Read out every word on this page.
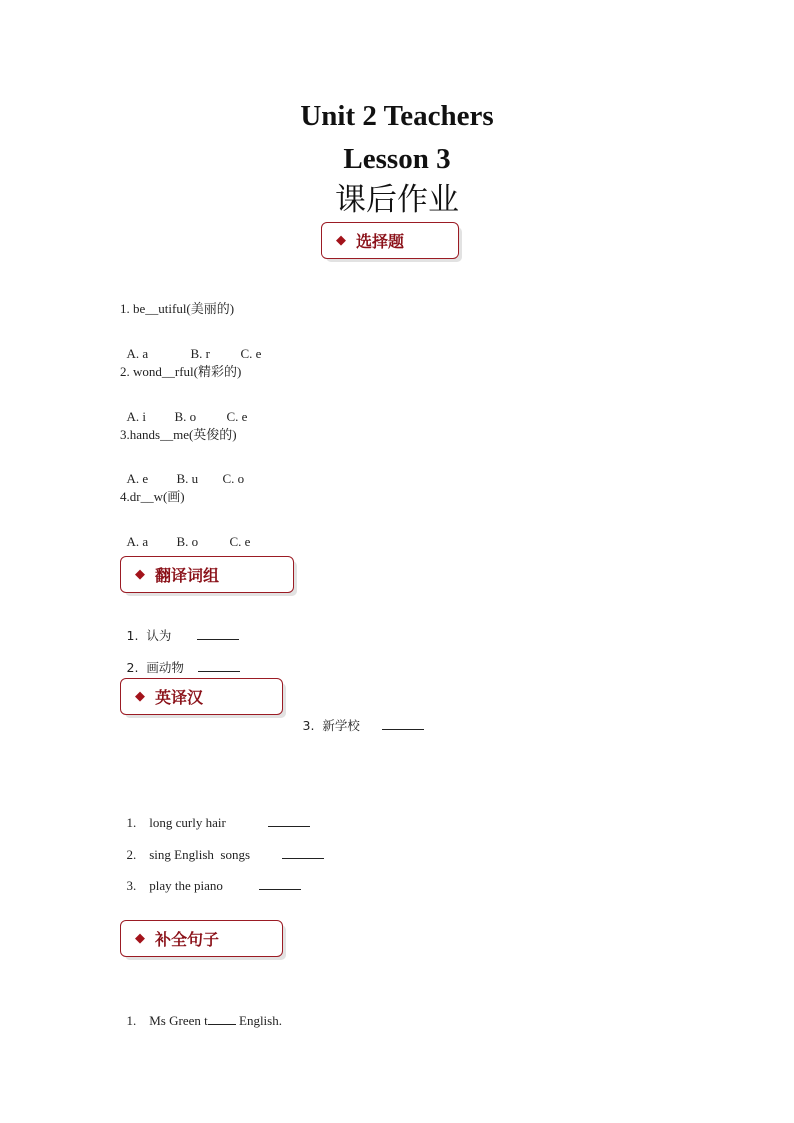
Unit 2 Teachers
Lesson 3
课后作业
◆ 选择题
1. be__utiful(美丽的)

A. a	B. r C. e

2. wond__rful(精彩的)

A. i B. o C. e

3.hands__me(英俊的)

A. e B. u C. o

4.dr__w(画)

A. a B. o C. e

◆ 翻译词组

1.  认为

2.  画动物

◆ 英译汉

3.  新学校

1.    long curly hair

2.    sing English  songs

3.    play the piano

◆ 补全句子

1.    Ms Green t English.
